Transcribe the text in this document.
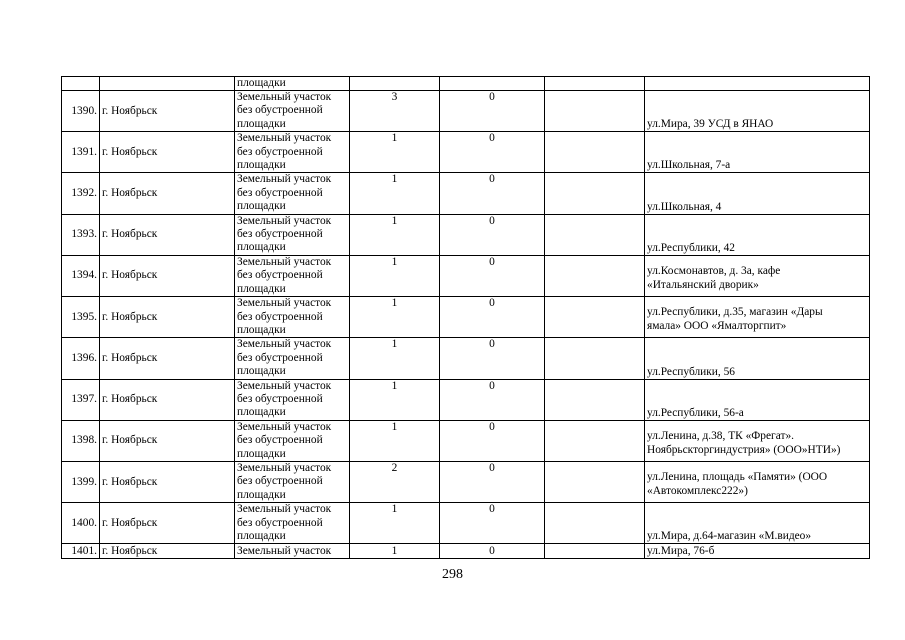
		площадки				
1390.	г. Ноябрьск	Земельный участок
без обустроенной
площадки	3	0		ул.Мира, 39 УСД в ЯНАО

1391.	г. Ноябрьск	Земельный участок
без обустроенной
площадки	1	0		ул.Школьная, 7-а

1392.	г. Ноябрьск	Земельный участок
без обустроенной
площадки	1	0		ул.Школьная, 4

1393.	г. Ноябрьск	Земельный участок
без обустроенной
площадки	1	0		ул.Республики, 42

1394.	г. Ноябрьск	Земельный участок
без обустроенной
площадки	1	0		ул.Космонавтов, д. 3а, кафе
«Итальянский дворик»

1395.	г. Ноябрьск	Земельный участок
без обустроенной
площадки	1	0		ул.Республики, д.35, магазин «Дары
ямала» ООО «Ямалторгпит»

1396.	г. Ноябрьск	Земельный участок
без обустроенной
площадки	1	0		ул.Республики, 56

1397.	г. Ноябрьск	Земельный участок
без обустроенной
площадки	1	0		ул.Республики, 56-а

1398.	г. Ноябрьск	Земельный участок
без обустроенной
площадки	1	0		ул.Ленина, д.38, ТК «Фрегат».
Ноябрьскторгиндустрия» (ООО»НТИ»)

1399.	г. Ноябрьск	Земельный участок
без обустроенной
площадки	2	0		ул.Ленина, площадь «Памяти» (ООО
«Автокомплекс222»)

1400.	г. Ноябрьск	Земельный участок
без обустроенной
площадки	1	0		ул.Мира, д.64-магазин «М.видео»

1401.	г. Ноябрьск	Земельный участок	1	0		ул.Мира, 76-б
298
